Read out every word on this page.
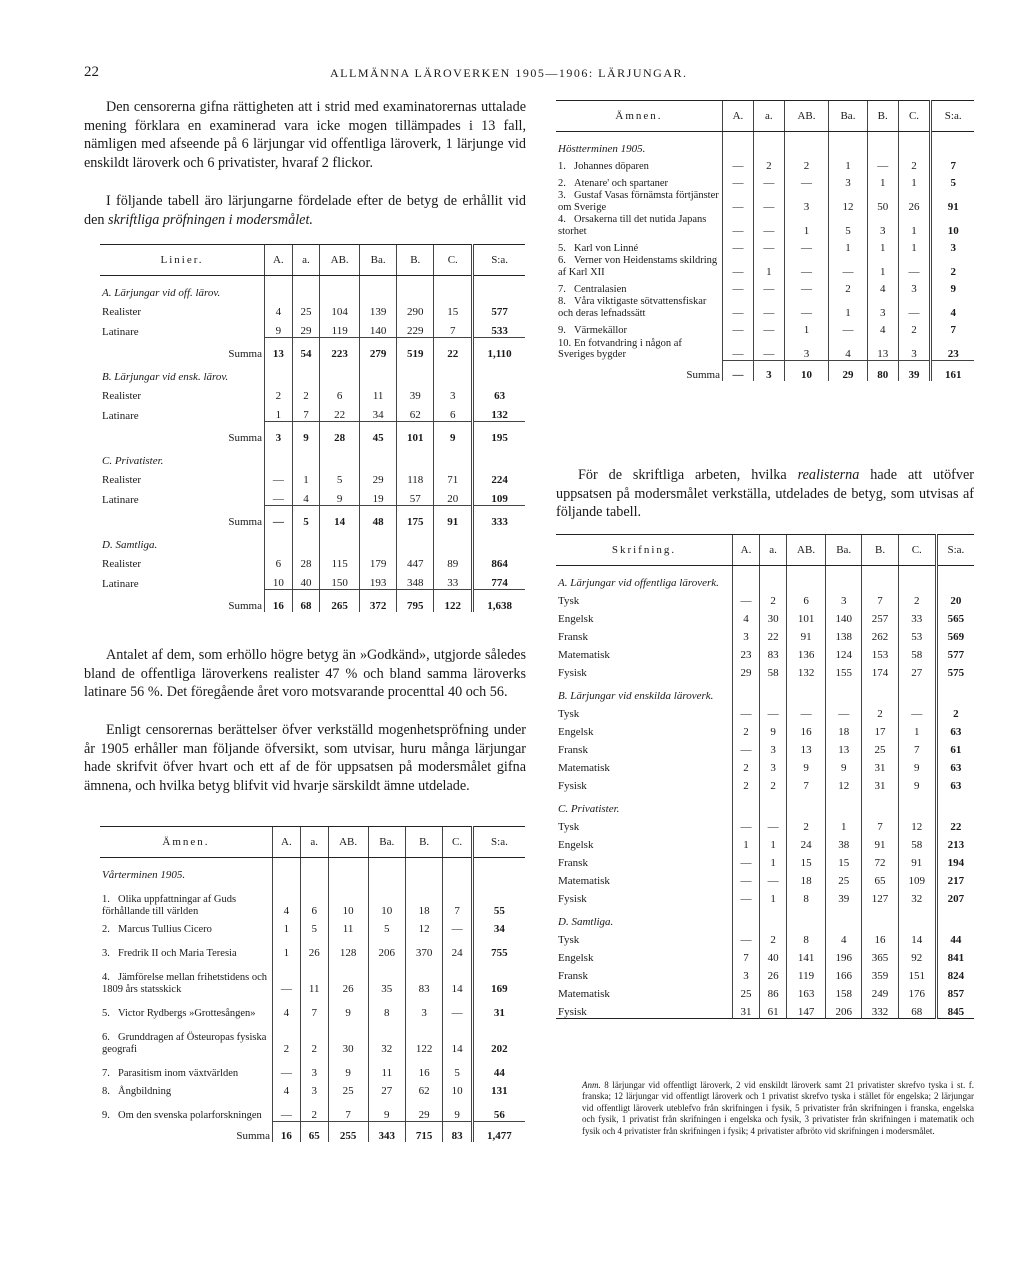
22	ALLMÄNNA LÄROVERKEN 1905—1906: LÄRJUNGAR.
Den censorerna gifna rättigheten att i strid med examinatorernas uttalade mening förklara en examinerad vara icke mogen tillämpades i 13 fall, nämligen med afseende på 6 lärjungar vid offentliga läroverk, 1 lärjunge vid enskildt läroverk och 6 privatister, hvaraf 2 flickor.
I följande tabell äro lärjungarne fördelade efter de betyg de erhållit vid den skriftliga pröfningen i modersmålet.
Linier.	A.	a.	AB.	Ba.	B.	C.	S:a.
A. Lärjungar vid off. lärov.							
Realister	4	25	104	139	290	15	577
Latinare	9	29	119	140	229	7	533
Summa	13	54	223	279	519	22	1,110
B. Lärjungar vid ensk. lärov.							
Realister	2	2	6	11	39	3	63
Latinare	1	7	22	34	62	6	132
Summa	3	9	28	45	101	9	195
C. Privatister.							
Realister	—	1	5	29	118	71	224
Latinare	—	4	9	19	57	20	109
Summa	—	5	14	48	175	91	333
D. Samtliga.							
Realister	6	28	115	179	447	89	864
Latinare	10	40	150	193	348	33	774
Summa	16	68	265	372	795	122	1,638
Antalet af dem, som erhöllo högre betyg än »Godkänd», utgjorde således bland de offentliga läroverkens realister 47 % och bland samma läroverks latinare 56 %. Det föregående året voro motsvarande procenttal 40 och 56.
Enligt censorernas berättelser öfver verkställd mogenhetspröfning under år 1905 erhåller man följande öfversikt, som utvisar, huru många lärjungar hade skrifvit öfver hvart och ett af de för uppsatsen på modersmålet gifna ämnena, och hvilka betyg blifvit vid hvarje särskildt ämne utdelade.
Ämnen.	A.	a.	AB.	Ba.	B.	C.	S:a.
Vårterminen 1905.							
1. Olika uppfattningar af Guds förhållande till världen	4	6	10	10	18	7	55
2. Marcus Tullius Cicero	1	5	11	5	12	—	34
3. Fredrik II och Maria Teresia	1	26	128	206	370	24	755
4. Jämförelse mellan frihetstidens och 1809 års statsskick	—	11	26	35	83	14	169
5. Victor Rydbergs »Grottesången»	4	7	9	8	3	—	31
6. Grunddragen af Östeuropas fysiska geografi	2	2	30	32	122	14	202
7. Parasitism inom växtvärlden	—	3	9	11	16	5	44
8. Ångbildning	4	3	25	27	62	10	131
9. Om den svenska polarforskningen	—	2	7	9	29	9	56
Summa	16	65	255	343	715	83	1,477
Ämnen.	A.	a.	AB.	Ba.	B.	C.	S:a.
Höstterminen 1905.							
1. Johannes döparen	—	2	2	1	—	2	7
2. Atenare' och spartaner	—	—	—	3	1	1	5
3. Gustaf Vasas förnämsta förtjänster om Sverige	—	—	3	12	50	26	91
4. Orsakerna till det nutida Japans storhet	—	—	1	5	3	1	10
5. Karl von Linné	—	—	—	1	1	1	3
6. Verner von Heidenstams skildring af Karl XII	—	1	—	—	1	—	2
7. Centralasien	—	—	—	2	4	3	9
8. Våra viktigaste sötvattensfiskar och deras lefnadssätt	—	—	—	1	3	—	4
9. Värmekällor	—	—	1	—	4	2	7
10. En fotvandring i någon af Sveriges bygder	—	—	3	4	13	3	23
Summa	—	3	10	29	80	39	161
För de skriftliga arbeten, hvilka realisterna hade att utöfver uppsatsen på modersmålet verkställa, utdelades de betyg, som utvisas af följande tabell.
Skrifning.	A.	a.	AB.	Ba.	B.	C.	S:a.
A. Lärjungar vid offentliga läroverk.							
Tysk	—	2	6	3	7	2	20
Engelsk	4	30	101	140	257	33	565
Fransk	3	22	91	138	262	53	569
Matematisk	23	83	136	124	153	58	577
Fysisk	29	58	132	155	174	27	575
B. Lärjungar vid enskilda läroverk.							
Tysk	—	—	—	—	2	—	2
Engelsk	2	9	16	18	17	1	63
Fransk	—	3	13	13	25	7	61
Matematisk	2	3	9	9	31	9	63
Fysisk	2	2	7	12	31	9	63
C. Privatister.							
Tysk	—	—	2	1	7	12	22
Engelsk	1	1	24	38	91	58	213
Fransk	—	1	15	15	72	91	194
Matematisk	—	—	18	25	65	109	217
Fysisk	—	1	8	39	127	32	207
D. Samtliga.							
Tysk	—	2	8	4	16	14	44
Engelsk	7	40	141	196	365	92	841
Fransk	3	26	119	166	359	151	824
Matematisk	25	86	163	158	249	176	857
Fysisk	31	61	147	206	332	68	845
Anm. 8 lärjungar vid offentligt läroverk, 2 vid enskildt läroverk samt 21 privatister skrefvo tyska i st. f. franska; 12 lärjungar vid offentligt läroverk och 1 privatist skrefvo tyska i stället för engelska; 2 lärjungar vid offentligt läroverk uteblefvo från skrifningen i fysik, 5 privatister från skrifningen i franska, engelska och fysik, 1 privatist från skrifningen i engelska och fysik, 3 privatister från skrifningen i matematik och fysik och 4 privatister från skrifningen i fysik; 4 privatister afbröto vid skrifningen i modersmålet.
